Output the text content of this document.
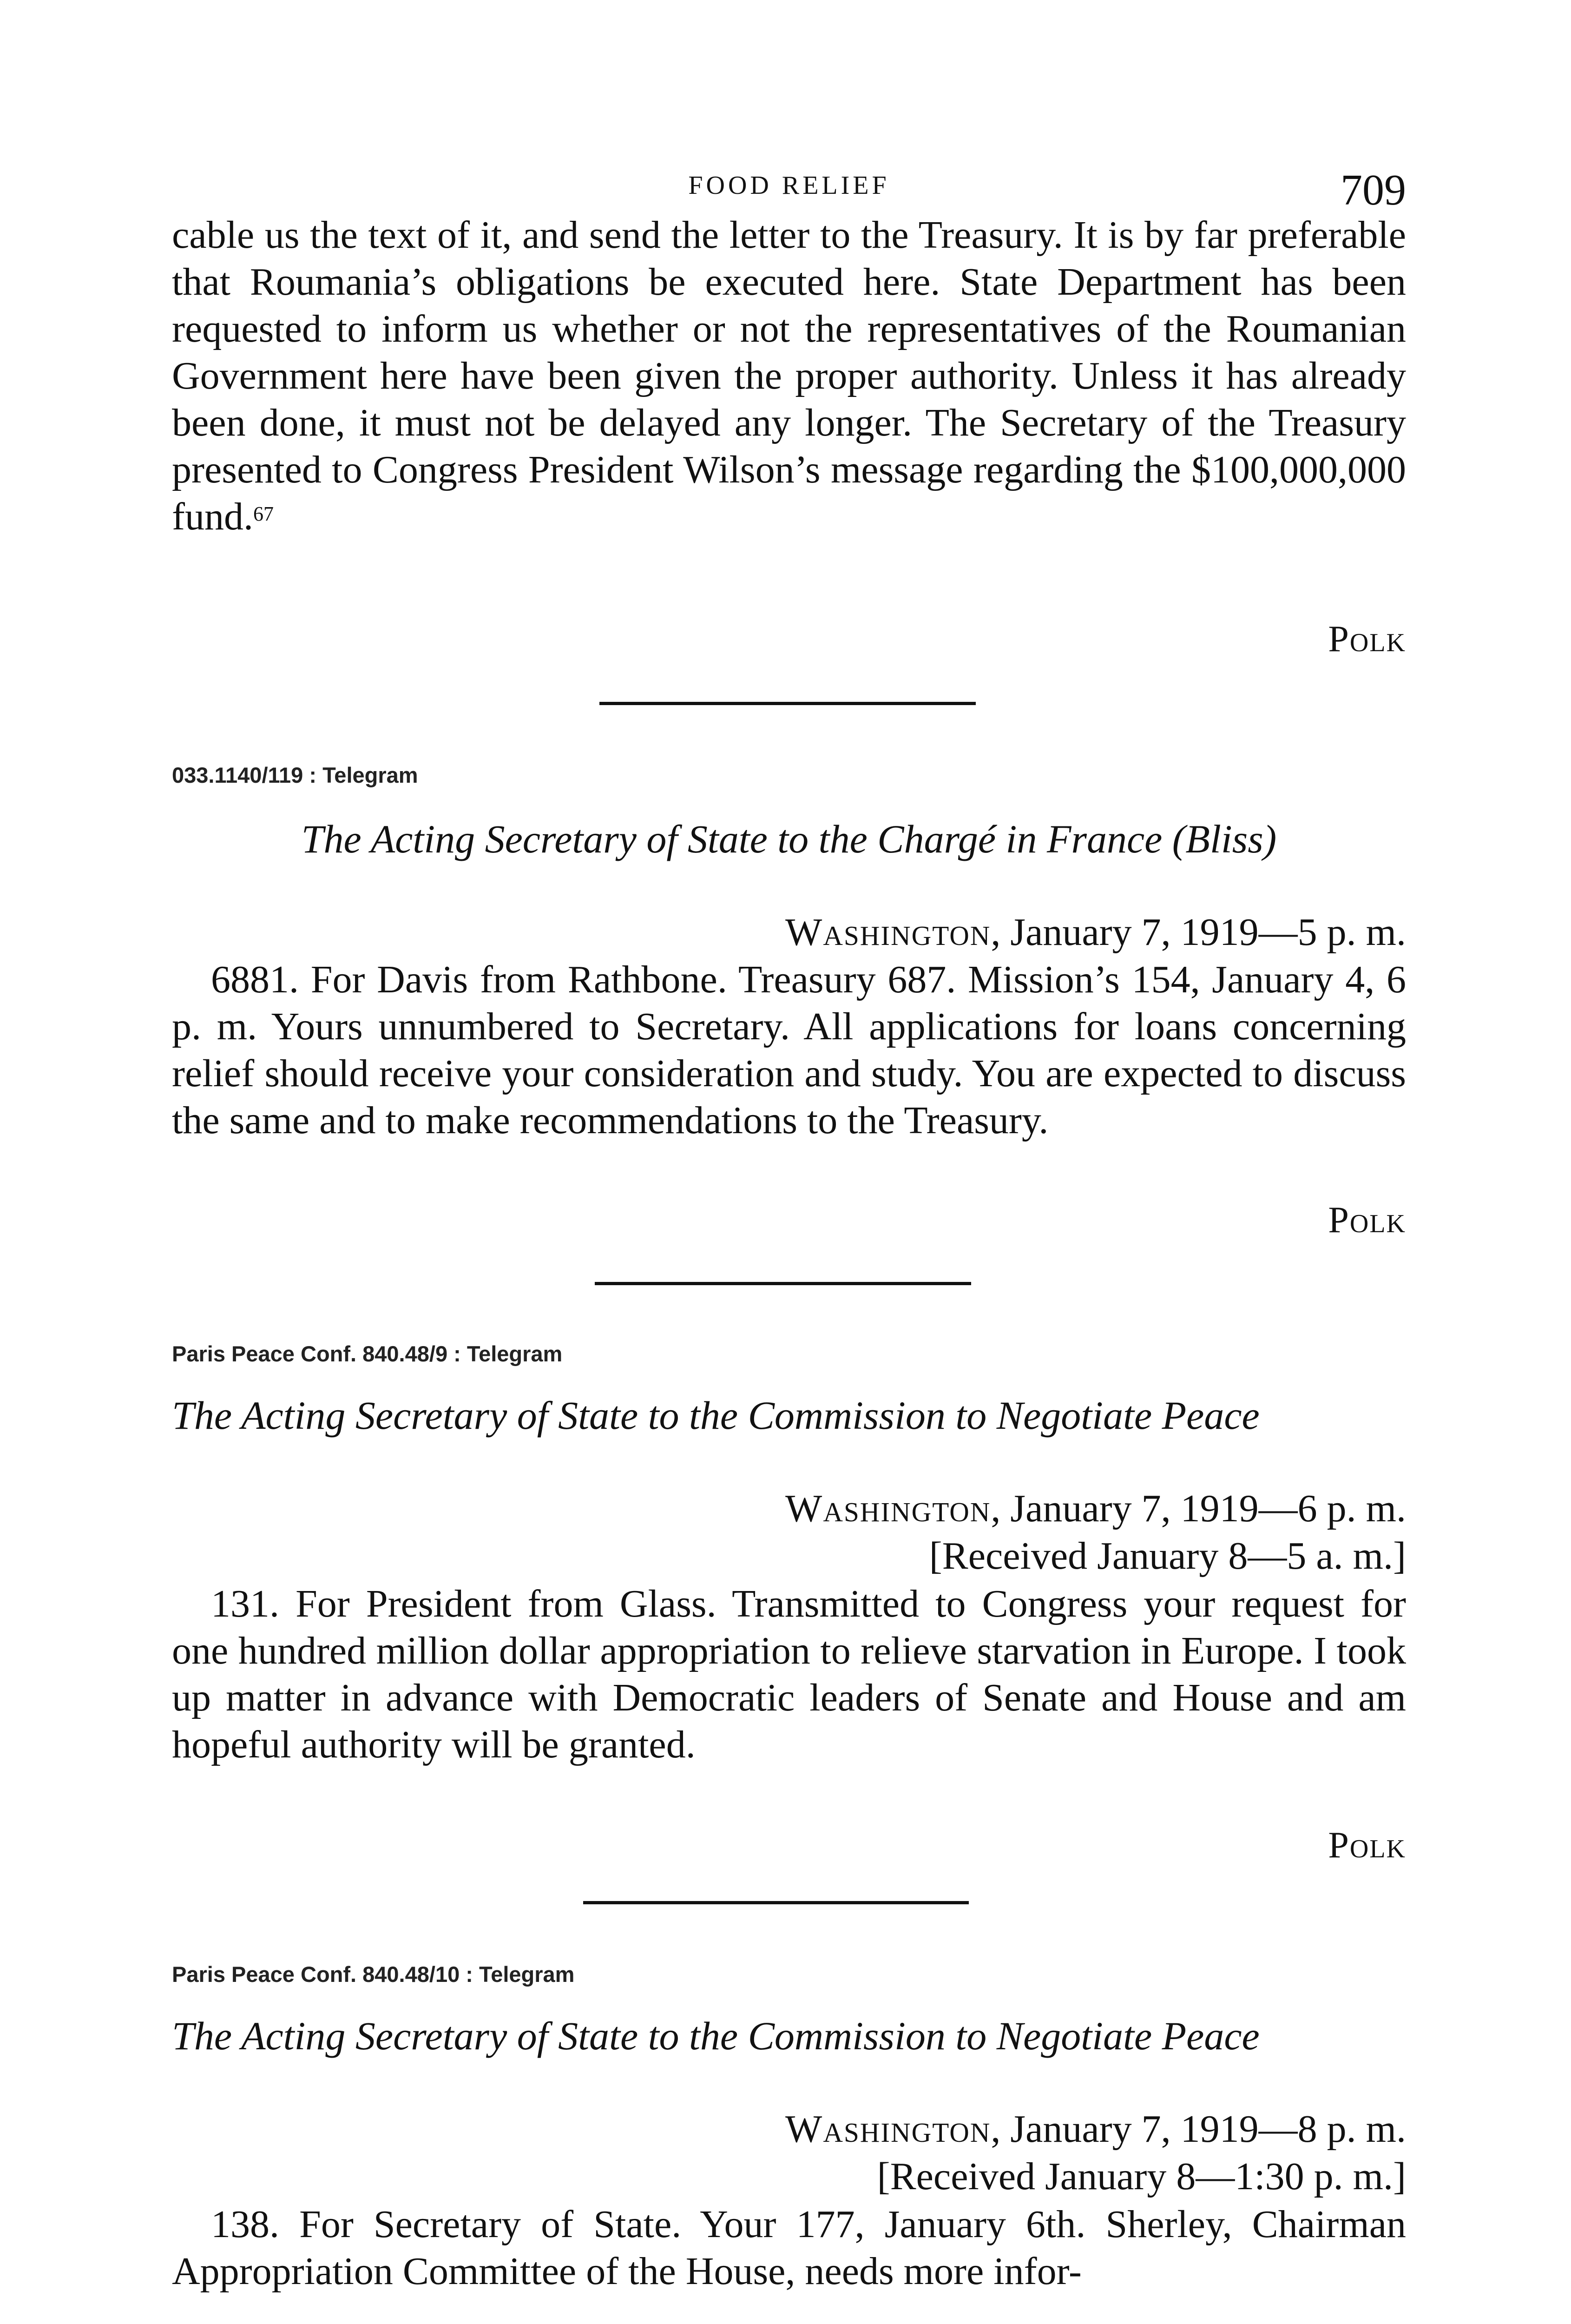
FOOD RELIEF	709

cable us the text of it, and send the letter to the Treasury. It is by far preferable that Roumania’s obligations be executed here. State Department has been requested to inform us whether or not the representatives of the Roumanian Government here have been given the proper authority. Unless it has already been done, it must not be delayed any longer. The Secretary of the Treasury presented to Congress President Wilson’s message regarding the $100,000,000 fund.$^{67}$

Polk
033.1140/119 : Telegram
The Acting Secretary of State to the Chargé in France (Bliss)
Washington, January 7, 1919—5 p. m.

6881. For Davis from Rathbone. Treasury 687. Mission’s 154, January 4, 6 p. m. Yours unnumbered to Secretary. All applications for loans concerning relief should receive your consideration and study. You are expected to discuss the same and to make recommendations to the Treasury.

Polk
Paris Peace Conf. 840.48/9 : Telegram
The Acting Secretary of State to the Commission to Negotiate Peace
Washington, January 7, 1919—6 p. m.
[Received January 8—5 a. m.]

131. For President from Glass. Transmitted to Congress your request for one hundred million dollar appropriation to relieve starvation in Europe. I took up matter in advance with Democratic leaders of Senate and House and am hopeful authority will be granted.

Polk
Paris Peace Conf. 840.48/10 : Telegram
The Acting Secretary of State to the Commission to Negotiate Peace
Washington, January 7, 1919—8 p. m.
[Received January 8—1:30 p. m.]

138. For Secretary of State. Your 177, January 6th. Sherley, Chairman Appropriation Committee of the House, needs more infor-
